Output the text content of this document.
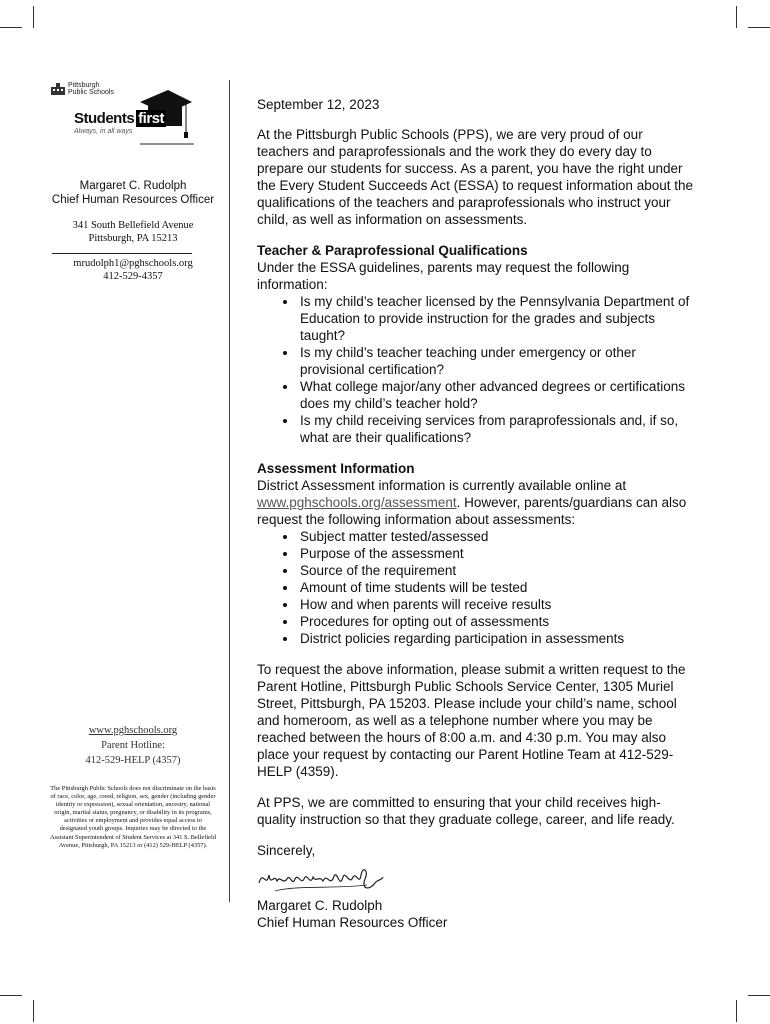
Pittsburgh
Public Schools
Students first
Always, in all ways
Margaret C. Rudolph
Chief Human Resources Officer
341 South Bellefield Avenue
Pittsburgh, PA 15213
mrudolph1@pghschools.org
412-529-4357
www.pghschools.org
Parent Hotline:
412-529-HELP (4357)
The Pittsburgh Public Schools does not discriminate on the basis of race, color, age, creed, religion, sex, gender (including gender identity or expression), sexual orientation, ancestry, national origin, marital status, pregnancy, or disability in its programs, activities or employment and provides equal access to designated youth groups. Inquiries may be directed to the Assistant Superintendent of Student Services at 341 S. Bellefield Avenue, Pittsburgh, PA 15213 or (412) 529-HELP (4357).

September 12, 2023

At the Pittsburgh Public Schools (PPS), we are very proud of our teachers and paraprofessionals and the work they do every day to prepare our students for success. As a parent, you have the right under the Every Student Succeeds Act (ESSA) to request information about the qualifications of the teachers and paraprofessionals who instruct your child, as well as information on assessments.

Teacher & Paraprofessional Qualifications

Under the ESSA guidelines, parents may request the following information:

• Is my child’s teacher licensed by the Pennsylvania Department of Education to provide instruction for the grades and subjects taught?
• Is my child’s teacher teaching under emergency or other provisional certification?
• What college major/any other advanced degrees or certifications does my child’s teacher hold?
• Is my child receiving services from paraprofessionals and, if so, what are their qualifications?
Assessment Information

District Assessment information is currently available online at www.pghschools.org/assessment. However, parents/guardians can also request the following information about assessments:

• Subject matter tested/assessed
• Purpose of the assessment
• Source of the requirement
• Amount of time students will be tested
• How and when parents will receive results
• Procedures for opting out of assessments
• District policies regarding participation in assessments

To request the above information, please submit a written request to the Parent Hotline, Pittsburgh Public Schools Service Center, 1305 Muriel Street, Pittsburgh, PA 15203. Please include your child’s name, school and homeroom, as well as a telephone number where you may be reached between the hours of 8:00 a.m. and 4:30 p.m. You may also place your request by contacting our Parent Hotline Team at 412-529-HELP (4359).

At PPS, we are committed to ensuring that your child receives high-quality instruction so that they graduate college, career, and life ready.

Sincerely,

Margaret C. Rudolph

Chief Human Resources Officer
